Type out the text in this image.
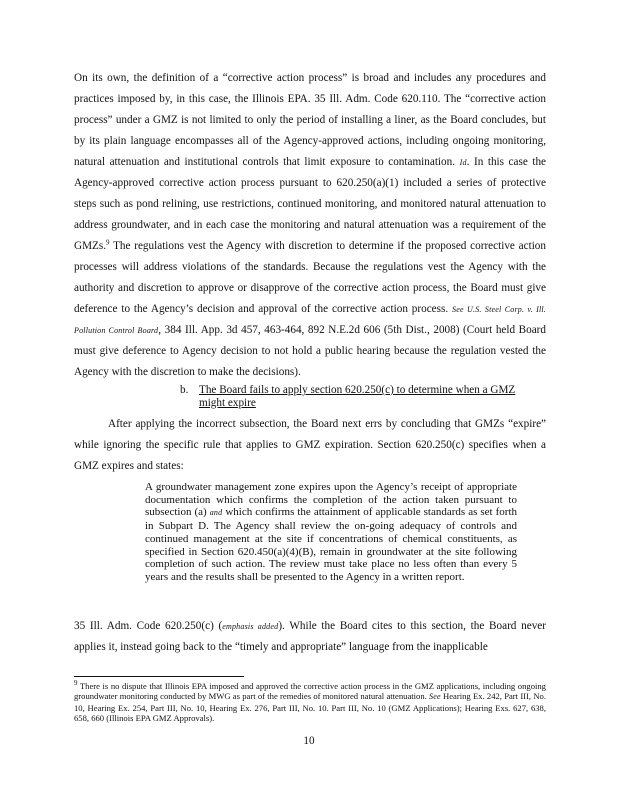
On its own, the definition of a “corrective action process” is broad and includes any procedures and practices imposed by, in this case, the Illinois EPA. 35 Ill. Adm. Code 620.110. The “corrective action process” under a GMZ is not limited to only the period of installing a liner, as the Board concludes, but by its plain language encompasses all of the Agency-approved actions, including ongoing monitoring, natural attenuation and institutional controls that limit exposure to contamination. Id. In this case the Agency-approved corrective action process pursuant to 620.250(a)(1) included a series of protective steps such as pond relining, use restrictions, continued monitoring, and monitored natural attenuation to address groundwater, and in each case the monitoring and natural attenuation was a requirement of the GMZs.$^9$ The regulations vest the Agency with discretion to determine if the proposed corrective action processes will address violations of the standards. Because the regulations vest the Agency with the authority and discretion to approve or disapprove of the corrective action process, the Board must give deference to the Agency’s decision and approval of the corrective action process. See U.S. Steel Corp. v. Ill. Pollution Control Board, 384 Ill. App. 3d 457, 463-464, 892 N.E.2d 606 (5th Dist., 2008) (Court held Board must give deference to Agency decision to not hold a public hearing because the regulation vested the Agency with the discretion to make the decisions).

b. The Board fails to apply section 620.250(c) to determine when a GMZ might expire

After applying the incorrect subsection, the Board next errs by concluding that GMZs “expire” while ignoring the specific rule that applies to GMZ expiration. Section 620.250(c) specifies when a GMZ expires and states:

A groundwater management zone expires upon the Agency’s receipt of appropriate documentation which confirms the completion of the action taken pursuant to subsection (a) and which confirms the attainment of applicable standards as set forth in Subpart D. The Agency shall review the on-going adequacy of controls and continued management at the site if concentrations of chemical constituents, as specified in Section 620.450(a)(4)(B), remain in groundwater at the site following completion of such action. The review must take place no less often than every 5 years and the results shall be presented to the Agency in a written report.

35 Ill. Adm. Code 620.250(c) (emphasis added). While the Board cites to this section, the Board never applies it, instead going back to the “timely and appropriate” language from the inapplicable

$^9$ There is no dispute that Illinois EPA imposed and approved the corrective action process in the GMZ applications, including ongoing groundwater monitoring conducted by MWG as part of the remedies of monitored natural attenuation. See Hearing Ex. 242, Part III, No. 10, Hearing Ex. 254, Part III, No. 10, Hearing Ex. 276, Part III, No. 10. Part III, No. 10 (GMZ Applications); Hearing Exs. 627, 638, 658, 660 (Illinois EPA GMZ Approvals).

10
